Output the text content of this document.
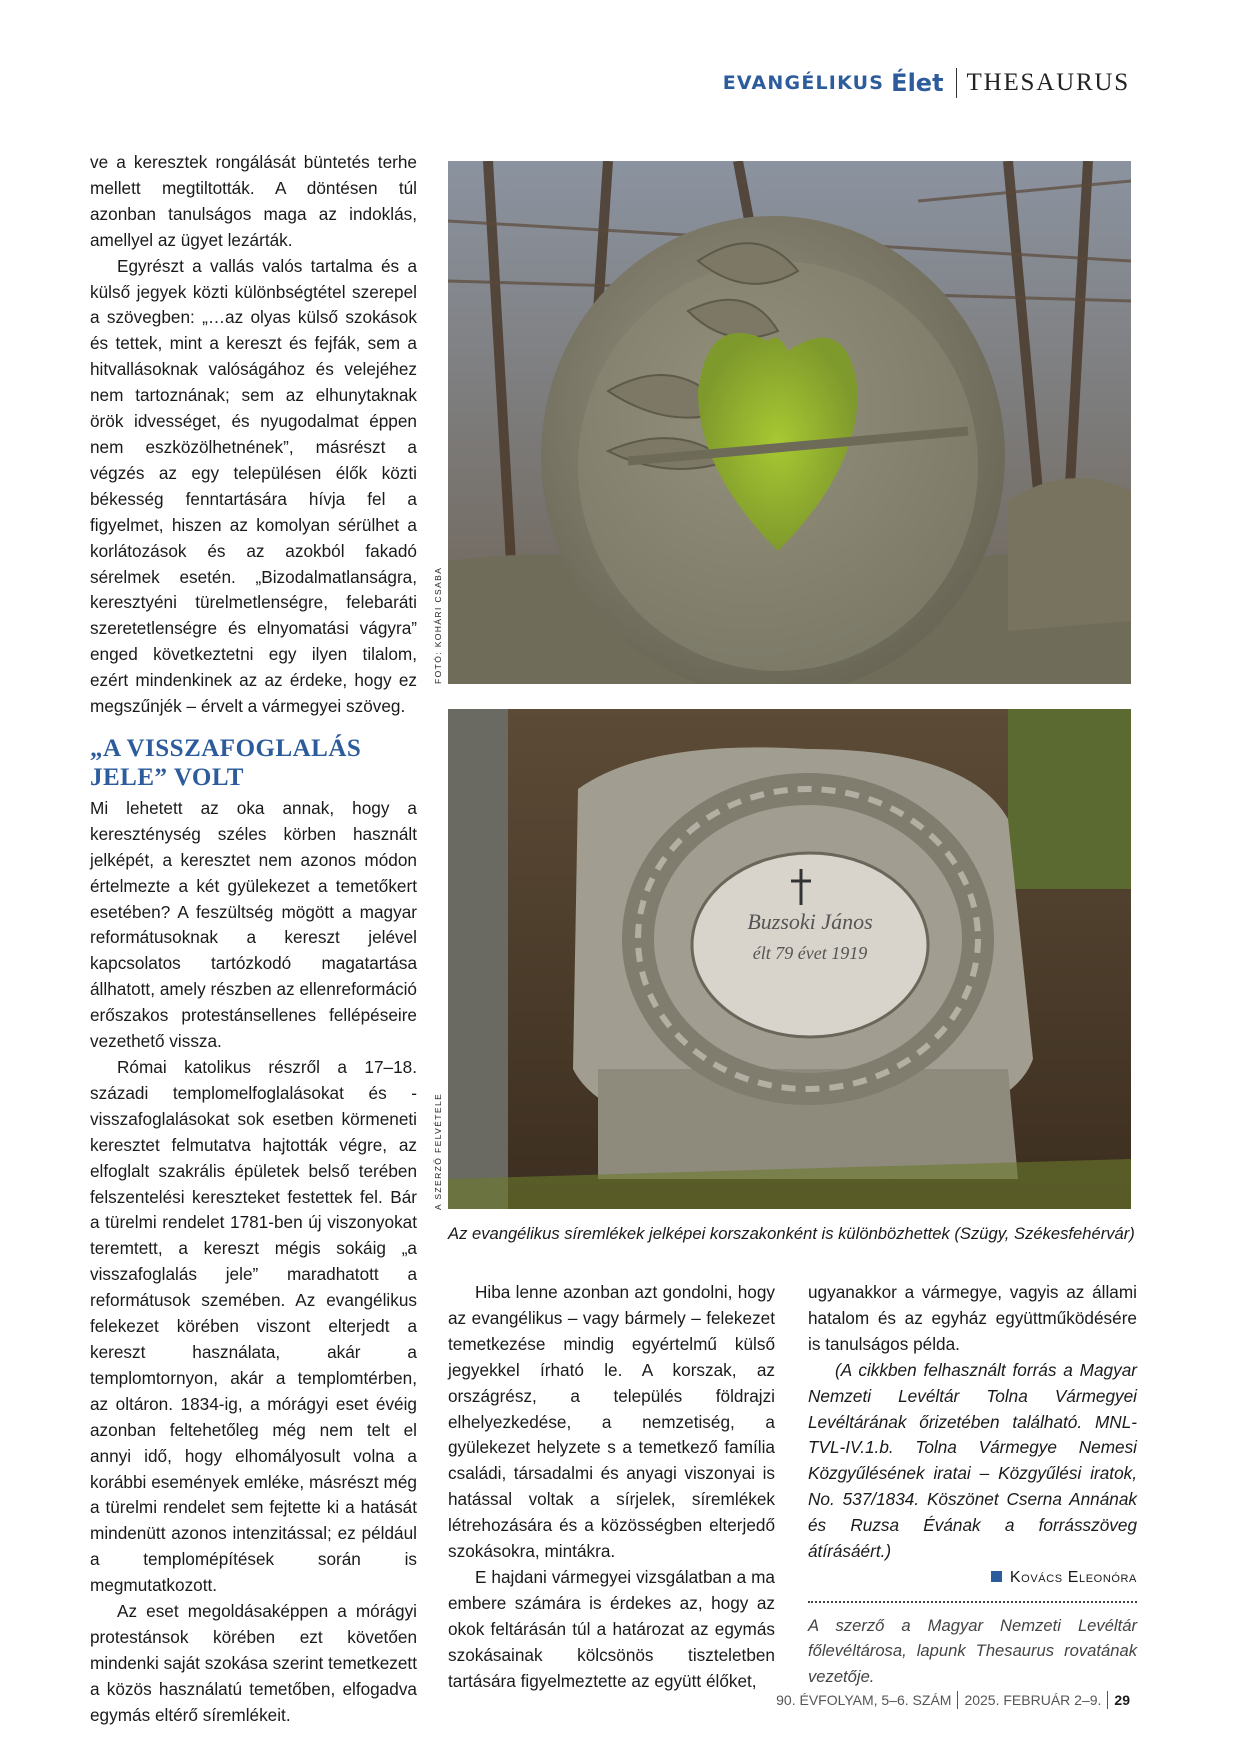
EVANGÉLIKUS Élet THESAURUS

ve a keresztek rongálását büntetés terhe mellett megtiltották. A döntésen túl azonban tanulságos maga az indoklás, amellyel az ügyet lezárták.

Egyrészt a vallás valós tartalma és a külső jegyek közti különbségtétel szerepel a szövegben: „…az olyas külső szokások és tettek, mint a kereszt és fejfák, sem a hitvallásoknak valóságához és velejéhez nem tartoznának; sem az elhunytaknak örök idvességet, és nyugodalmat éppen nem eszközölhetnének”, másrészt a végzés az egy településen élők közti békesség fenntartására hívja fel a figyelmet, hiszen az komolyan sérülhet a korlátozások és az azokból fakadó sérelmek esetén. „Bizodalmatlanságra, keresztyéni türelmetlenségre, felebaráti szeretetlenségre és elnyomatási vágyra” enged következtetni egy ilyen tilalom, ezért mindenkinek az az érdeke, hogy ez megszűnjék – érvelt a vármegyei szöveg.

„A VISSZAFOGLALÁS JELE” VOLT

Mi lehetett az oka annak, hogy a kereszténység széles körben használt jelképét, a keresztet nem azonos módon értelmezte a két gyülekezet a temetőkert esetében? A feszültség mögött a magyar reformátusoknak a kereszt jelével kapcsolatos tartózkodó magatartása állhatott, amely részben az ellenreformáció erőszakos protestánsellenes fellépéseire vezethető vissza.

Római katolikus részről a 17–18. századi templomelfoglalásokat és -visszafoglalásokat sok esetben körmeneti keresztet felmutatva hajtották végre, az elfoglalt szakrális épületek belső terében felszentelési kereszteket festettek fel. Bár a türelmi rendelet 1781-ben új viszonyokat teremtett, a kereszt mégis sokáig „a visszafoglalás jele” maradhatott a reformátusok szemében. Az evangélikus felekezet körében viszont elterjedt a kereszt használata, akár a templomtornyon, akár a templomtérben, az oltáron. 1834-ig, a mórágyi eset évéig azonban feltehetőleg még nem telt el annyi idő, hogy elhomályosult volna a korábbi események emléke, másrészt még a türelmi rendelet sem fejtette ki a hatását mindenütt azonos intenzitással; ez például a templomépítések során is megmutatkozott.

Az eset megoldásaképpen a mórágyi protestánsok körében ezt követően mindenki saját szokása szerint temetkezett a közös használatú temetőben, elfogadva egymás eltérő síremlékeit.

FOTÓ: KOHÁRI CSABA
Buzsoki János
élt 79 évet 1919
A SZERZŐ FELVÉTELE
Az evangélikus síremlékek jelképei korszakonként is különbözhettek (Szügy, Székesfehérvár)

Hiba lenne azonban azt gondolni, hogy az evangélikus – vagy bármely – felekezet temetkezése mindig egyértelmű külső jegyekkel írható le. A korszak, az országrész, a település földrajzi elhelyezkedése, a nemzetiség, a gyülekezet helyzete s a temetkező família családi, társadalmi és anyagi viszonyai is hatással voltak a sírjelek, síremlékek létrehozására és a közösségben elterjedő szokásokra, mintákra.

E hajdani vármegyei vizsgálatban a ma embere számára is érdekes az, hogy az okok feltárásán túl a határozat az egymás szokásainak kölcsönös tiszteletben tartására figyelmeztette az együtt élőket,

ugyanakkor a vármegye, vagyis az állami hatalom és az egyház együttműködésére is tanulságos példa.

(A cikkben felhasznált forrás a Magyar Nemzeti Levéltár Tolna Vármegyei Levéltárának őrizetében található. MNL-TVL-IV.1.b. Tolna Vármegye Nemesi Közgyűlésének iratai – Közgyűlési iratok, No. 537/1834. Köszönet Cserna Annának és Ruzsa Évának a forrásszöveg átírásáért.)

Kovács Eleonóra

A szerző a Magyar Nemzeti Levéltár főlevéltárosa, lapunk Thesaurus rovatának vezetője.

90. ÉVFOLYAM, 5–6. SZÁM 2025. FEBRUÁR 2–9. 29
